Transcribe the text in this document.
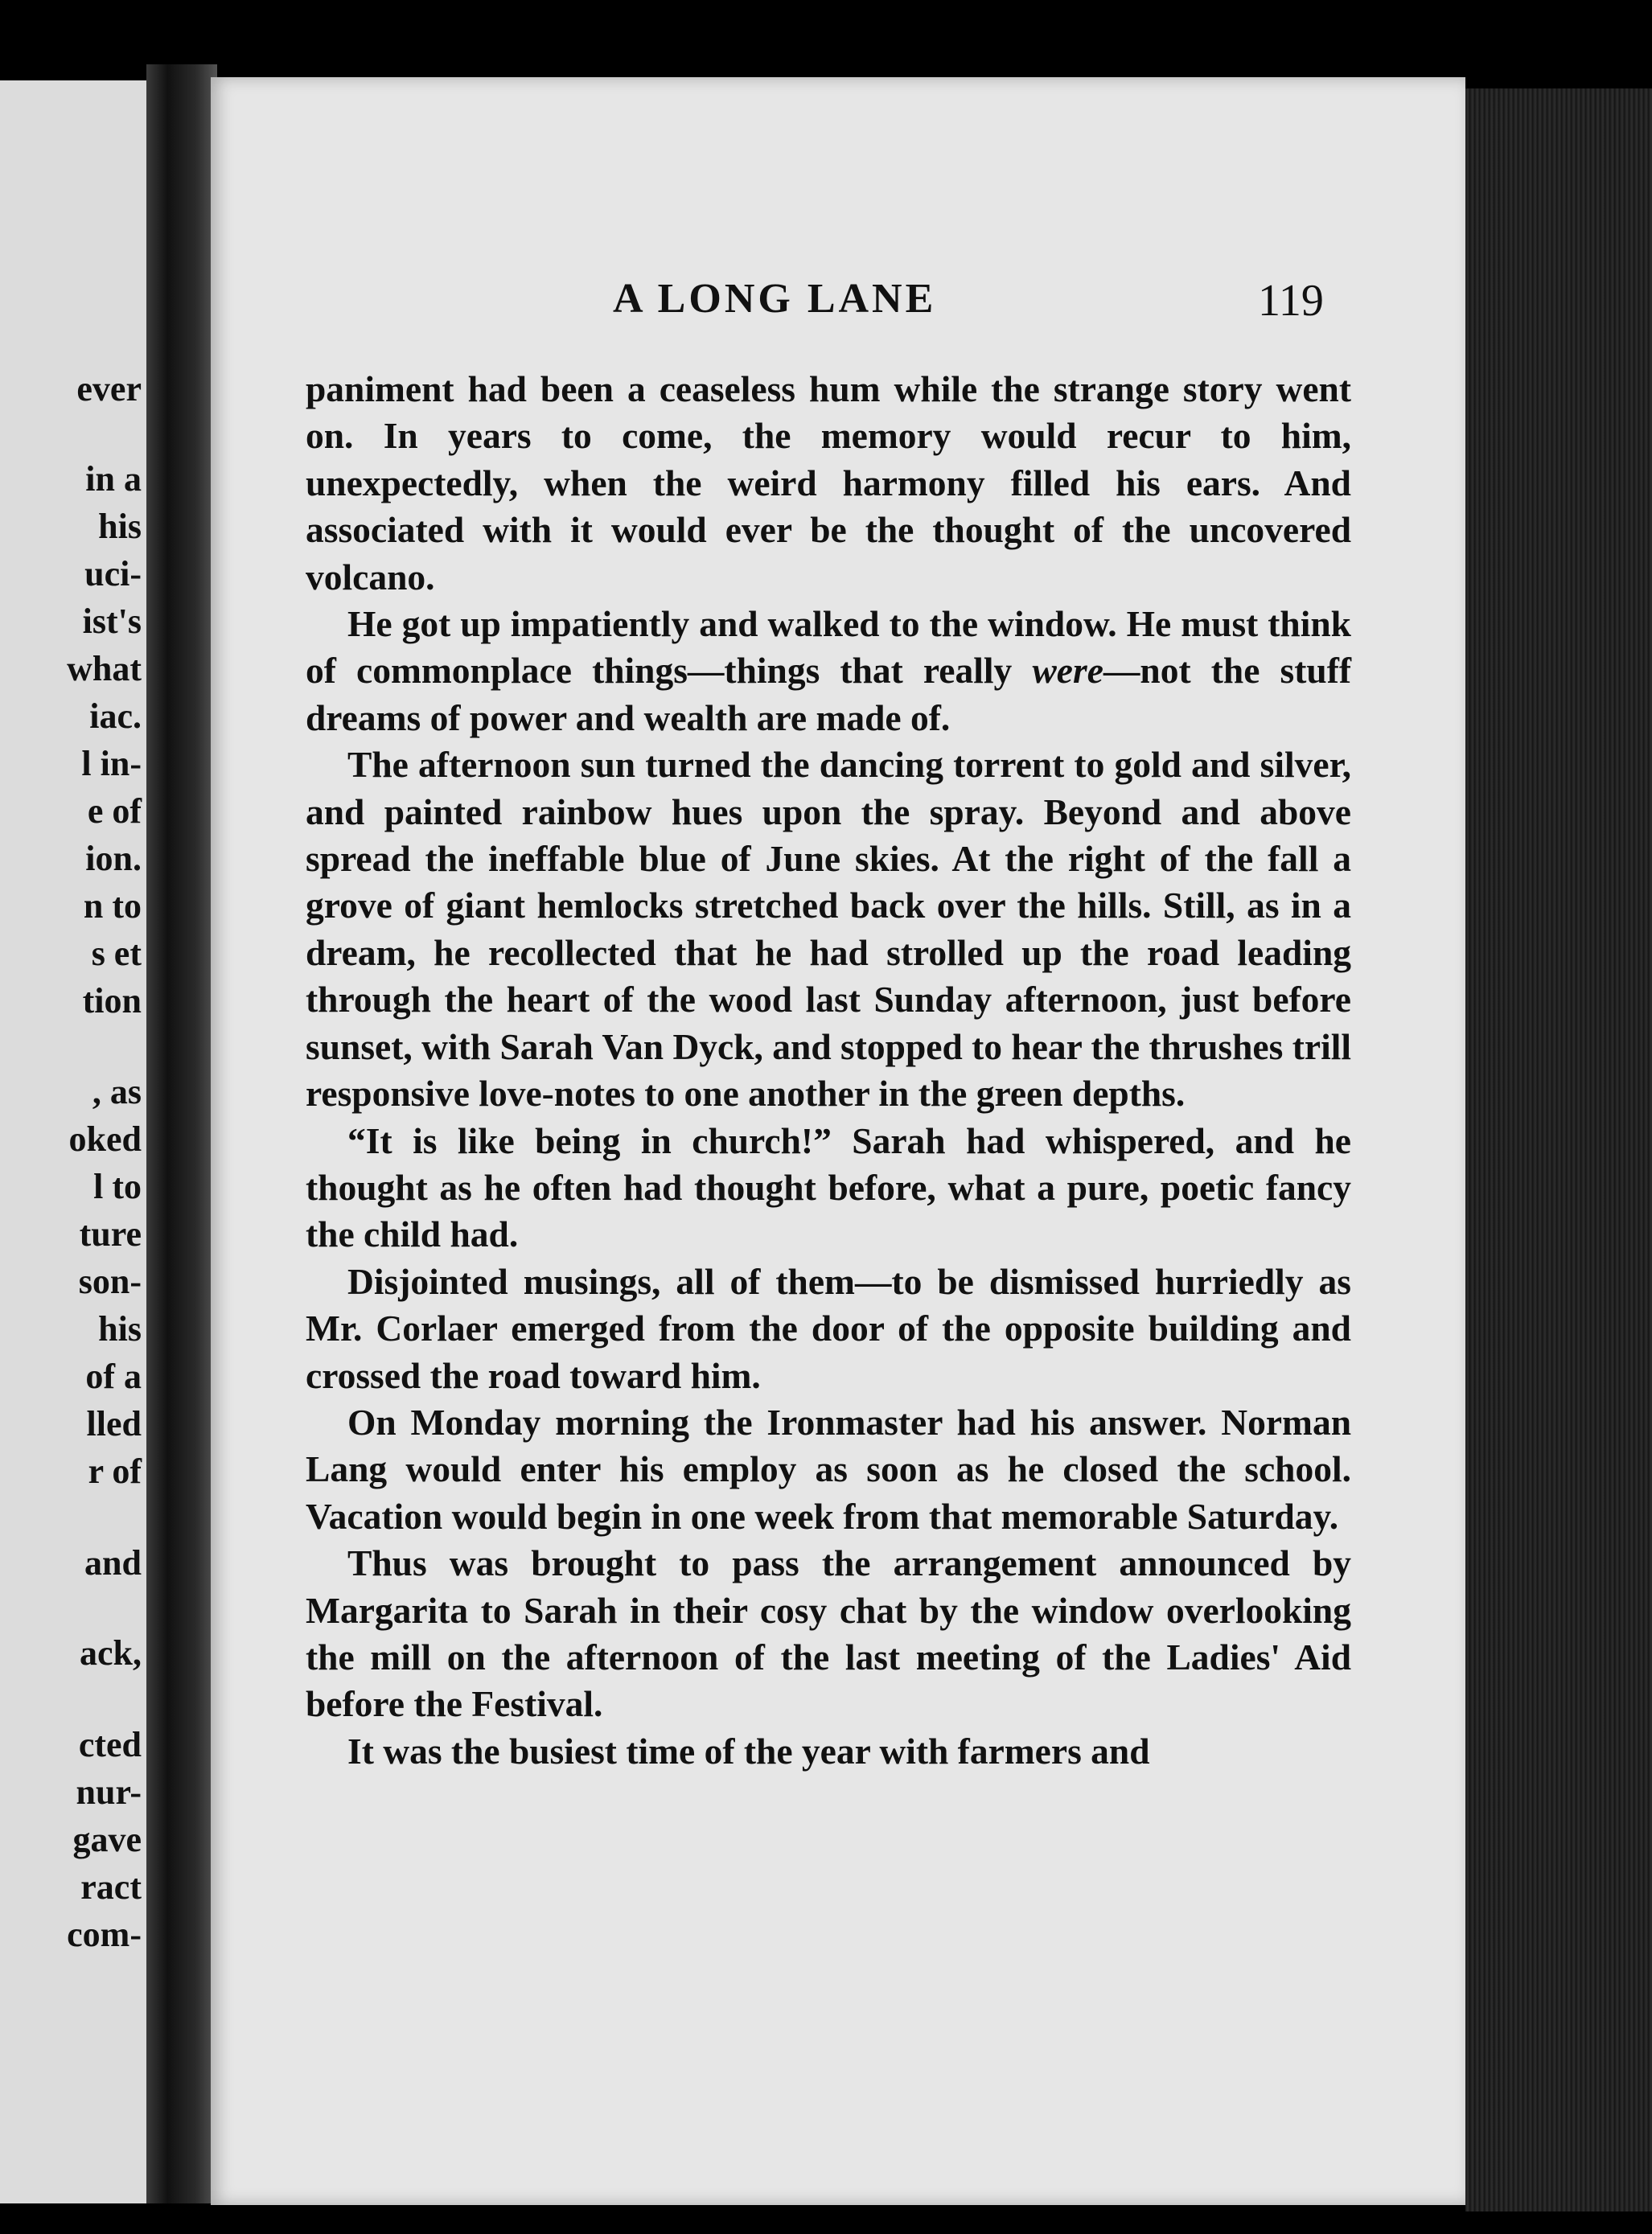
ever
in a
his
uci-
ist's
what
iac.
l in-
e of
ion.
n to
s et
tion
, as
oked
l to
ture
son-
his
of a
lled
r of
and
ack,
cted
nur-
gave
ract
com-
A LONG LANE	119

paniment had been a ceaseless hum while the strange story went on. In years to come, the memory would recur to him, unexpectedly, when the weird harmony filled his ears. And associated with it would ever be the thought of the uncovered volcano.

He got up impatiently and walked to the window. He must think of commonplace things—things that really were—not the stuff dreams of power and wealth are made of.

The afternoon sun turned the dancing torrent to gold and silver, and painted rainbow hues upon the spray. Beyond and above spread the ineffable blue of June skies. At the right of the fall a grove of giant hemlocks stretched back over the hills. Still, as in a dream, he recollected that he had strolled up the road leading through the heart of the wood last Sunday afternoon, just before sunset, with Sarah Van Dyck, and stopped to hear the thrushes trill responsive love-notes to one another in the green depths.

“It is like being in church!” Sarah had whispered, and he thought as he often had thought before, what a pure, poetic fancy the child had.

Disjointed musings, all of them—to be dismissed hurriedly as Mr. Corlaer emerged from the door of the opposite building and crossed the road toward him.

On Monday morning the Ironmaster had his answer. Norman Lang would enter his employ as soon as he closed the school. Vacation would begin in one week from that memorable Saturday.

Thus was brought to pass the arrangement announced by Margarita to Sarah in their cosy chat by the window overlooking the mill on the afternoon of the last meeting of the Ladies' Aid before the Festival.

It was the busiest time of the year with farmers and
